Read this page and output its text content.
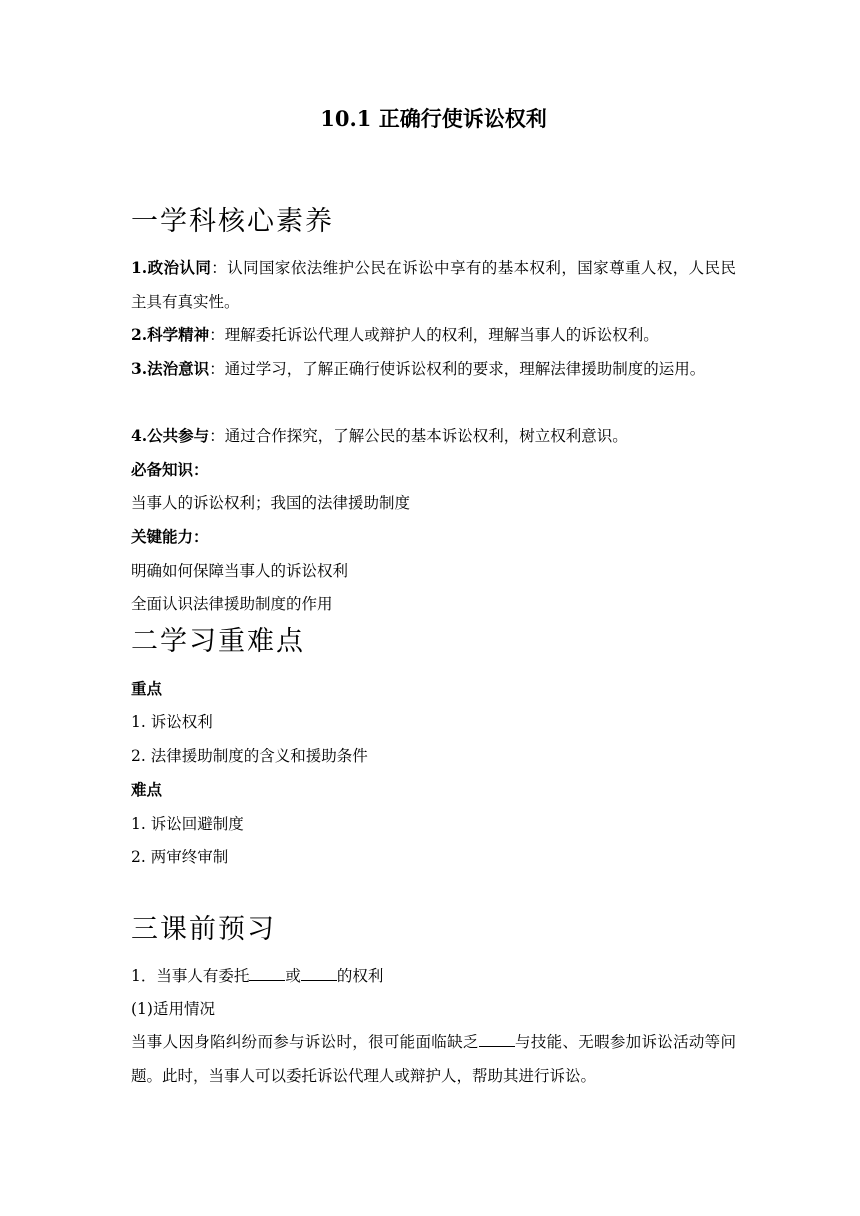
10.1 正确行使诉讼权利
一学科核心素养
1.政治认同：认同国家依法维护公民在诉讼中享有的基本权利，国家尊重人权，人民民主具有真实性。
2.科学精神：理解委托诉讼代理人或辩护人的权利，理解当事人的诉讼权利。
3.法治意识：通过学习，了解正确行使诉讼权利的要求，理解法律援助制度的运用。
4.公共参与：通过合作探究，了解公民的基本诉讼权利，树立权利意识。
必备知识：
当事人的诉讼权利；我国的法律援助制度
关键能力：
明确如何保障当事人的诉讼权利
全面认识法律援助制度的作用
二学习重难点
重点
1. 诉讼权利
2. 法律援助制度的含义和援助条件
难点
1. 诉讼回避制度
2. 两审终审制
三课前预习
1．当事人有委托 或 的权利
(1)适用情况
当事人因身陷纠纷而参与诉讼时，很可能面临缺乏 与技能、无暇参加诉讼活动等问题。此时，当事人可以委托诉讼代理人或辩护人，帮助其进行诉讼。
